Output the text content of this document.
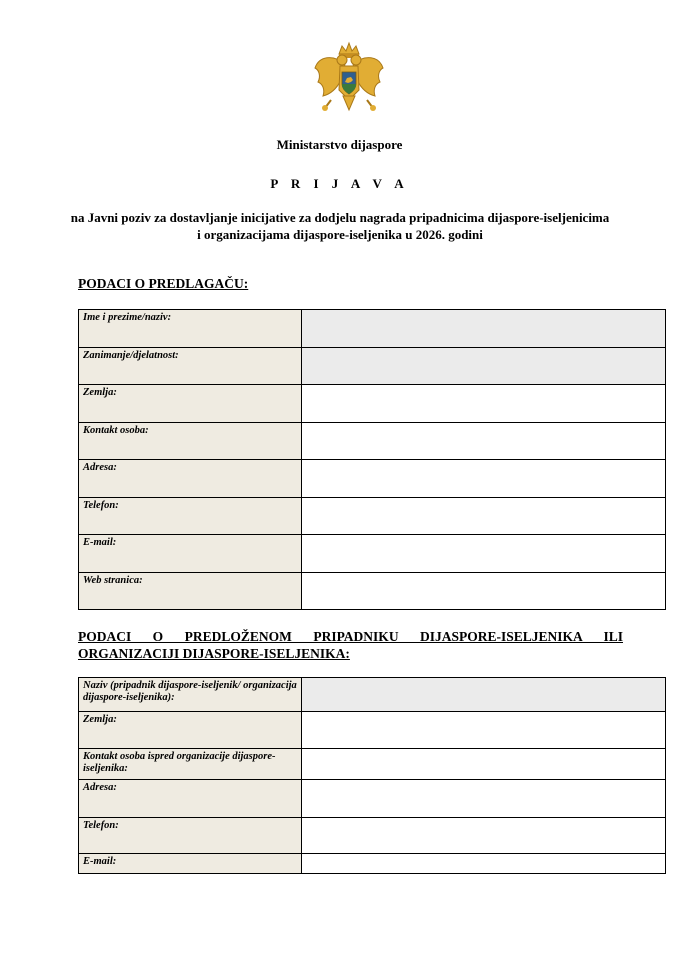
Ministarstvo dijaspore
P R I J A V A
na Javni poziv za dostavljanje inicijative za dodjelu nagrada pripadnicima dijaspore-iseljenicima i organizacijama dijaspore-iseljenika u 2026. godini
PODACI O PREDLAGAČU:
Ime i prezime/naziv:	
Zanimanje/djelatnost:	
Zemlja:	
Kontakt osoba:	
Adresa:	
Telefon:	
E-mail:	
Web stranica:	
PODACI O PREDLOŽENOM PRIPADNIKU DIJASPORE-ISELJENIKA ILI
ORGANIZACIJI DIJASPORE-ISELJENIKA:
Naziv (pripadnik dijaspore-iseljenik/ organizacija dijaspore-iseljenika):	
Zemlja:	
Kontakt osoba ispred organizacije dijaspore-iseljenika:	
Adresa:	
Telefon:	
E-mail:	
